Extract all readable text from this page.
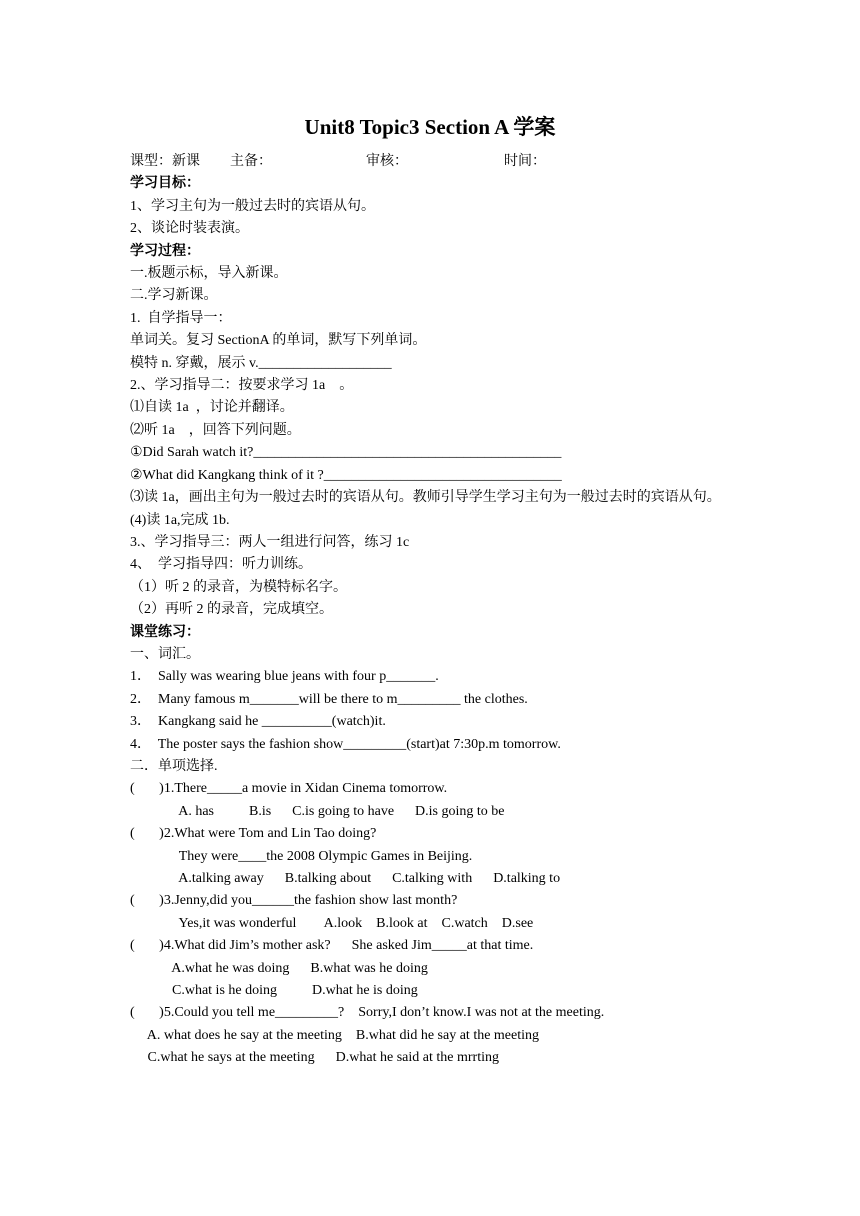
Unit8 Topic3 Section A 学案
课型：新课 主备：	审核：	时间：
学习目标：
1、学习主句为一般过去时的宾语从句。
2、谈论时装表演。
学习过程：
一.板题示标，导入新课。
二.学习新课。
1.  自学指导一：
单词关。复习 SectionA 的单词，默写下列单词。
模特 n. 穿戴，展示 v.___________________
2.、学习指导二：按要求学习 1a    。
⑴自读 1a  ，讨论并翻译。
⑵听 1a    ，回答下列问题。
①Did Sarah watch it?____________________________________________
②What did Kangkang think of it ?__________________________________
⑶读 1a，画出主句为一般过去时的宾语从句。教师引导学生学习主句为一般过去时的宾语从句。
(4)读 1a,完成 1b.
3.、学习指导三：两人一组进行问答，练习 1c
4、  学习指导四：听力训练。
（1）听 2 的录音，为模特标名字。
（2）再听 2 的录音，完成填空。
课堂练习：
一、词汇。
1．  Sally was wearing blue jeans with four p_______.
2．  Many famous m_______will be there to m_________ the clothes.
3．  Kangkang said he __________(watch)it.
4．  The poster says the fashion show_________(start)at 7:30p.m tomorrow.
二．单项选择.
(       )1.There_____a movie in Xidan Cinema tomorrow.
A. has          B.is      C.is going to have      D.is going to be
(       )2.What were Tom and Lin Tao doing?
They were____the 2008 Olympic Games in Beijing.
A.talking away      B.talking about      C.talking with      D.talking to
(       )3.Jenny,did you______the fashion show last month?
Yes,it was wonderful        A.look    B.look at    C.watch    D.see
(       )4.What did Jim’s mother ask?      She asked Jim_____at that time.
A.what he was doing      B.what was he doing
C.what is he doing          D.what he is doing
(       )5.Could you tell me_________?    Sorry,I don’t know.I was not at the meeting.
A. what does he say at the meeting    B.what did he say at the meeting
C.what he says at the meeting      D.what he said at the mrrting
